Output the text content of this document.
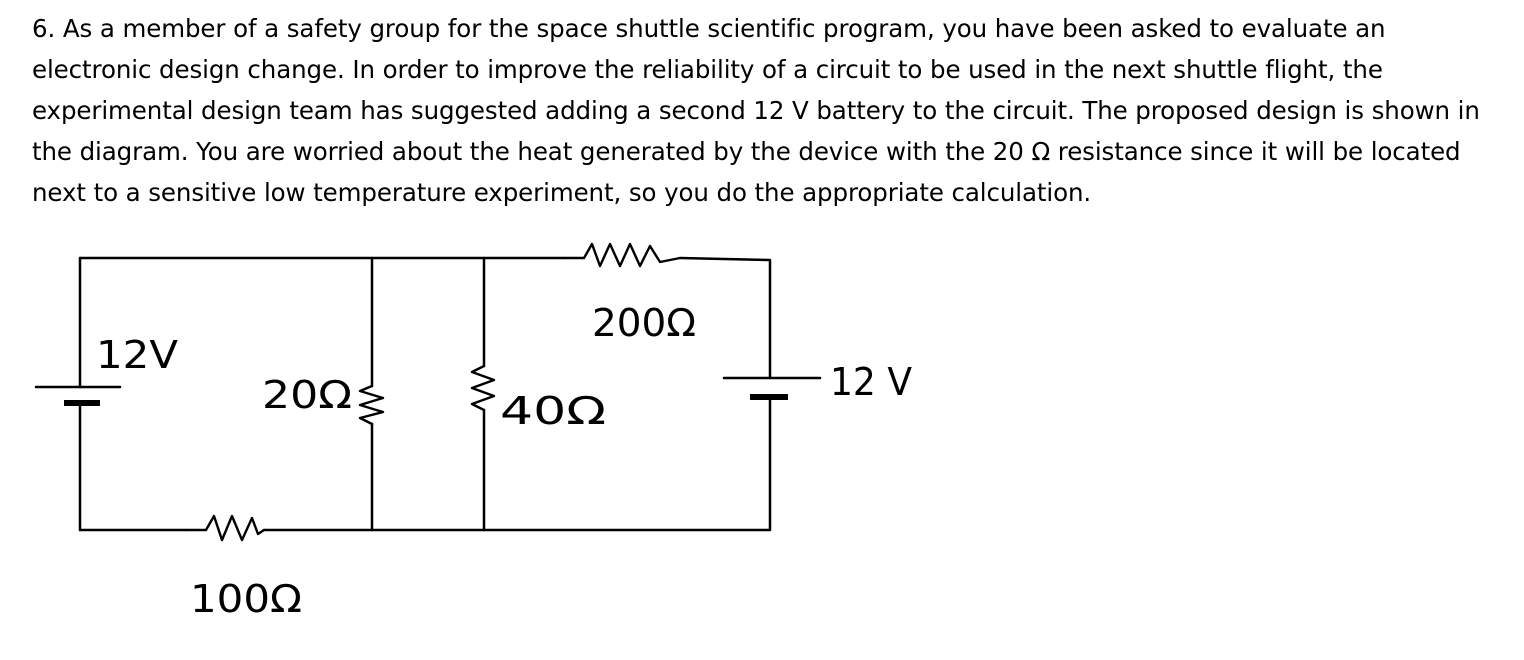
6. As a member of a safety group for the space shuttle scientific program, you have been asked to evaluate an electronic design change. In order to improve the reliability of a circuit to be used in the next shuttle flight, the experimental design team has suggested adding a second 12 V battery to the circuit. The proposed design is shown in the diagram. You are worried about the heat generated by the device with the 20 Ω resistance since it will be located next to a sensitive low temperature experiment, so you do the appropriate calculation.

12V
12 V
20Ω	40Ω
200Ω
100Ω
